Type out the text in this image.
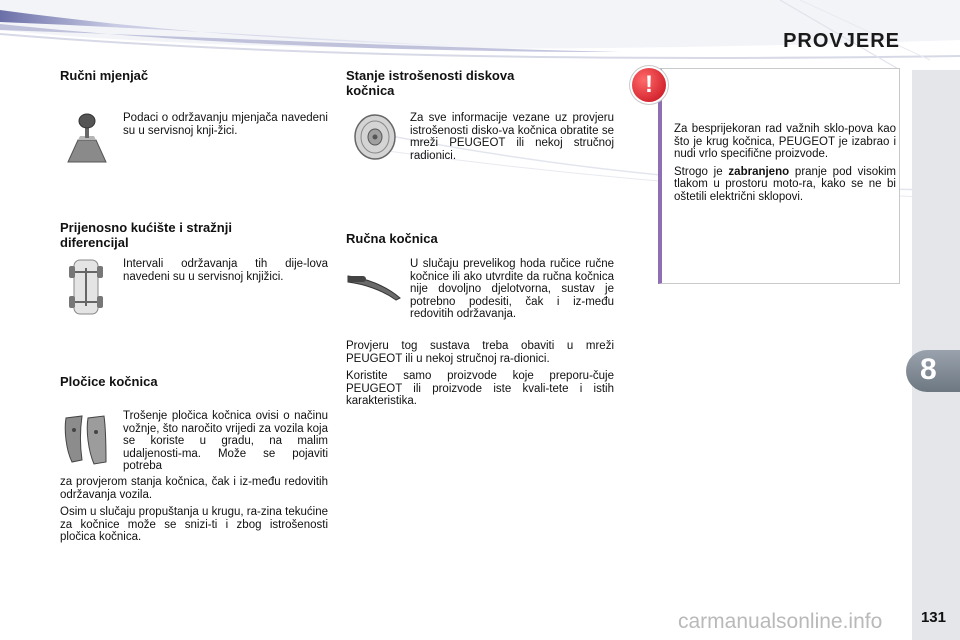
PROVJERE
8
Ručni mjenjač

Podaci o održavanju mjenjača navedeni su u servisnoj knji-žici.

Prijenosno kućište i stražnji
diferencijal

Intervali održavanja tih dije-lova navedeni su u servisnoj knjižici.

Pločice kočnica

Trošenje pločica kočnica ovisi o načinu vožnje, što naročito vrijedi za vozila koja se koriste u gradu, na malim udaljenosti-ma. Može se pojaviti potreba

za provjerom stanja kočnica, čak i iz-među redovitih održavanja vozila.

Osim u slučaju propuštanja u krugu, ra-zina tekućine za kočnice može se snizi-ti i zbog istrošenosti pločica kočnica.

Stanje istrošenosti diskova
kočnica

Za sve informacije vezane uz provjeru istrošenosti disko-va kočnica obratite se mreži PEUGEOT ili nekoj stručnoj radionici.

Ručna kočnica

U slučaju prevelikog hoda ručice ručne kočnice ili ako utvrdite da ručna kočnica nije dovoljno djelotvorna, sustav je potrebno podesiti, čak i iz-među redovitih održavanja.

Provjeru tog sustava treba obaviti u mreži PEUGEOT ili u nekoj stručnoj ra-dionici.

Koristite samo proizvode koje preporu-čuje PEUGEOT ili proizvode iste kvali-tete i istih karakteristika.

Za besprijekoran rad važnih sklo-pova kao što je krug kočnica, PEUGEOT je izabrao i nudi vrlo specifične proizvode.

Strogo je zabranjeno pranje pod visokim tlakom u prostoru moto-ra, kako se ne bi oštetili električni sklopovi.

!
131
carmanualsonline.info
